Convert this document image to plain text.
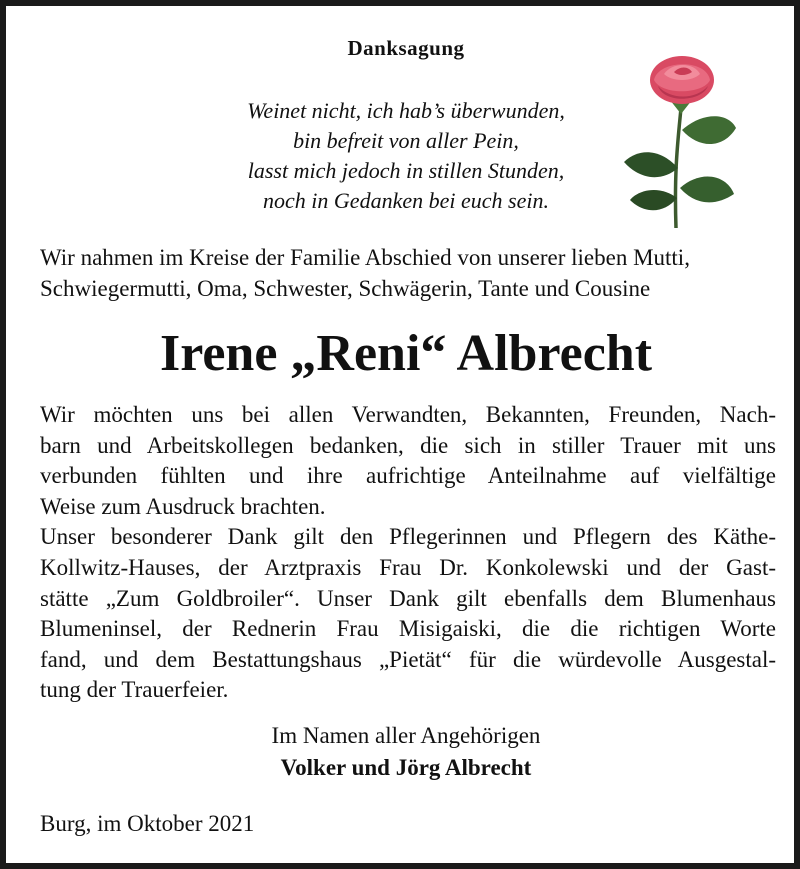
Danksagung
Weinet nicht, ich hab’s überwunden,
bin befreit von aller Pein,
lasst mich jedoch in stillen Stunden,
noch in Gedanken bei euch sein.
Wir nahmen im Kreise der Familie Abschied von unserer lieben Mutti,
Schwiegermutti, Oma, Schwester, Schwägerin, Tante und Cousine
Irene „Reni“ Albrecht
Wir möchten uns bei allen Verwandten, Bekannten, Freunden, Nach-
barn und Arbeitskollegen bedanken, die sich in stiller Trauer mit uns
verbunden fühlten und ihre aufrichtige Anteilnahme auf vielfältige
Weise zum Ausdruck brachten.
Unser besonderer Dank gilt den Pflegerinnen und Pflegern des Käthe-
Kollwitz-Hauses, der Arztpraxis Frau Dr. Konkolewski und der Gast-
stätte „Zum Goldbroiler“. Unser Dank gilt ebenfalls dem Blumenhaus
Blumeninsel, der Rednerin Frau Misigaiski, die die richtigen Worte
fand, und dem Bestattungshaus „Pietät“ für die würdevolle Ausgestal-
tung der Trauerfeier.
Im Namen aller Angehörigen
Volker und Jörg Albrecht
Burg, im Oktober 2021
